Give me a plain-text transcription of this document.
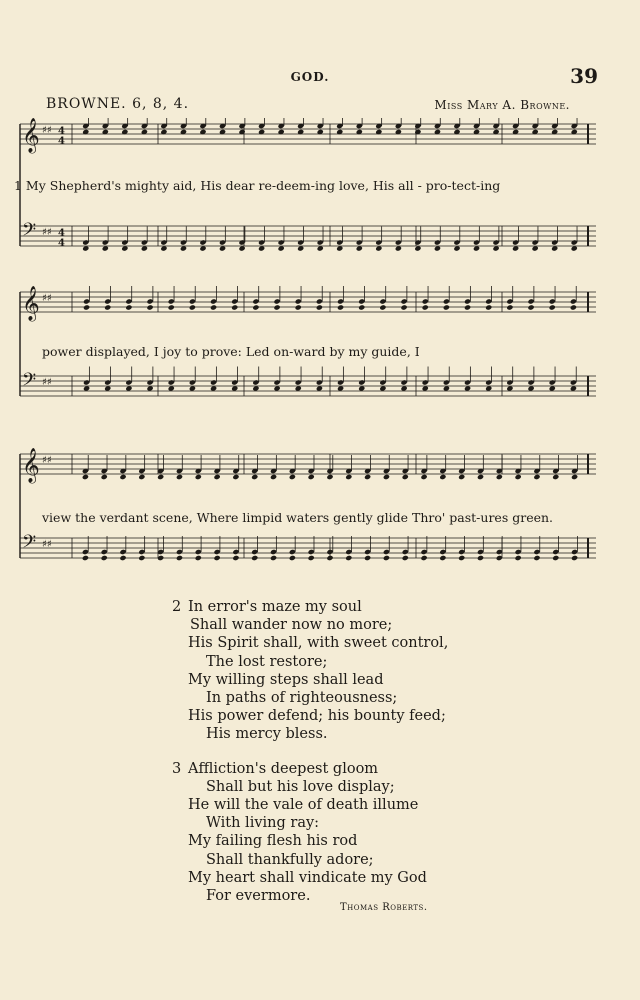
GOD.	39
BROWNE. 6, 8, 4.	Miss Mary A. Browne.
𝄞 ♯♯ 4
4
𝄢 ♯♯ 4
4
1 My Shepherd's mighty aid, His dear re-deem-ing love, His all - pro-tect-ing
𝄞 ♯♯
𝄢 ♯♯
power displayed, I joy to prove: Led on-ward by my guide, I
𝄞 ♯♯
𝄢 ♯♯
view the verdant scene, Where limpid waters gently glide Thro' past-ures green.
2 In error's maze my soul
Shall wander now no more;
His Spirit shall, with sweet control,
The lost restore;
My willing steps shall lead
In paths of righteousness;
His power defend; his bounty feed;
His mercy bless.
3 Affliction's deepest gloom
Shall but his love display;
He will the vale of death illume
With living ray:
My failing flesh his rod
Shall thankfully adore;
My heart shall vindicate my God
For evermore.
Thomas Roberts.
